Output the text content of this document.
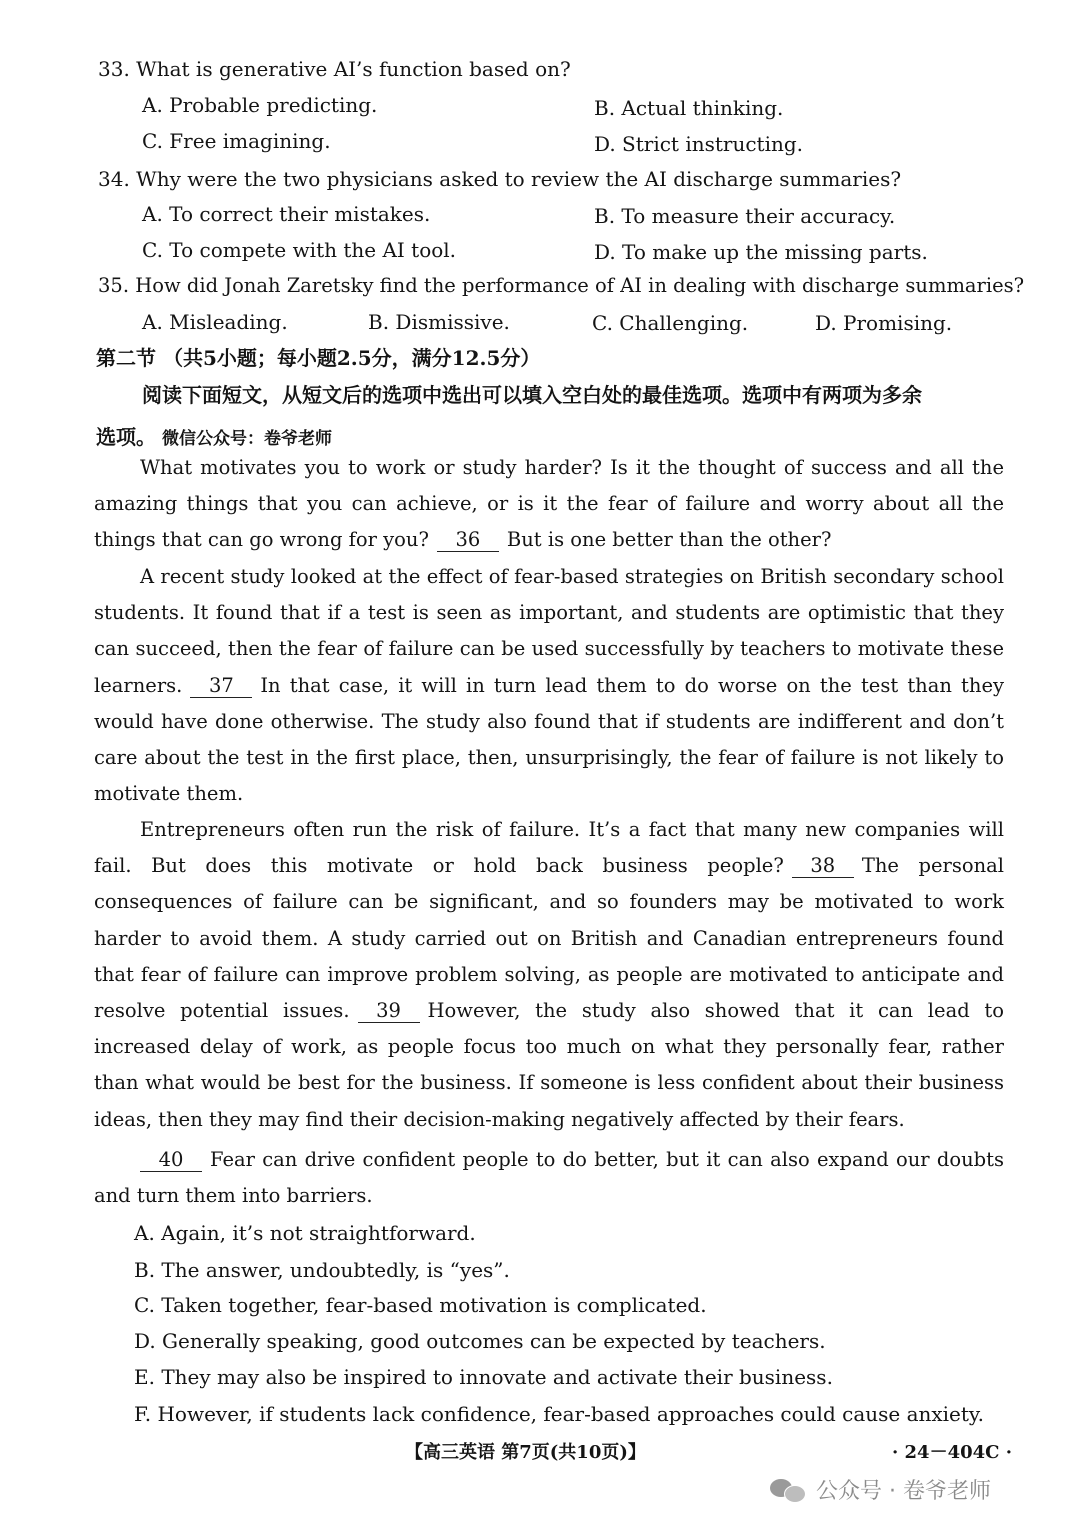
33. What is generative AI’s function based on?
A. Probable predicting.	B. Actual thinking.
C. Free imagining.	D. Strict instructing.
34. Why were the two physicians asked to review the AI discharge summaries?
A. To correct their mistakes.	B. To measure their accuracy.
C. To compete with the AI tool.	D. To make up the missing parts.
35. How did Jonah Zaretsky find the performance of AI in dealing with discharge summaries?
A. Misleading.	B. Dismissive.	C. Challenging.	D. Promising.
第二节 （共5小题；每小题2.5分，满分12.5分）
阅读下面短文，从短文后的选项中选出可以填入空白处的最佳选项。选项中有两项为多余
选项。 微信公众号：卷爷老师
What motivates you to work or study harder? Is it the thought of success and all the amazing things that you can achieve, or is it the fear of failure and worry about all the things that can go wrong for you? 36 But is one better than the other?
A recent study looked at the effect of fear-based strategies on British secondary school students. It found that if a test is seen as important, and students are optimistic that they can succeed, then the fear of failure can be used successfully by teachers to motivate these learners. 37 In that case, it will in turn lead them to do worse on the test than they would have done otherwise. The study also found that if students are indifferent and don’t care about the test in the first place, then, unsurprisingly, the fear of failure is not likely to motivate them.
Entrepreneurs often run the risk of failure. It’s a fact that many new companies will fail. But does this motivate or hold back business people? 38 The personal consequences of failure can be significant, and so founders may be motivated to work harder to avoid them. A study carried out on British and Canadian entrepreneurs found that fear of failure can improve problem solving, as people are motivated to anticipate and resolve potential issues. 39 However, the study also showed that it can lead to increased delay of work, as people focus too much on what they personally fear, rather than what would be best for the business. If someone is less confident about their business ideas, then they may find their decision-making negatively affected by their fears.
40 Fear can drive confident people to do better, but it can also expand our doubts and turn them into barriers.
A. Again, it’s not straightforward.
B. The answer, undoubtedly, is “yes”.
C. Taken together, fear-based motivation is complicated.
D. Generally speaking, good outcomes can be expected by teachers.
E. They may also be inspired to innovate and activate their business.
F. However, if students lack confidence, fear-based approaches could cause anxiety.
【高三英语 第7页(共10页)】	· 24－404C ·
公众号 · 卷爷老师
